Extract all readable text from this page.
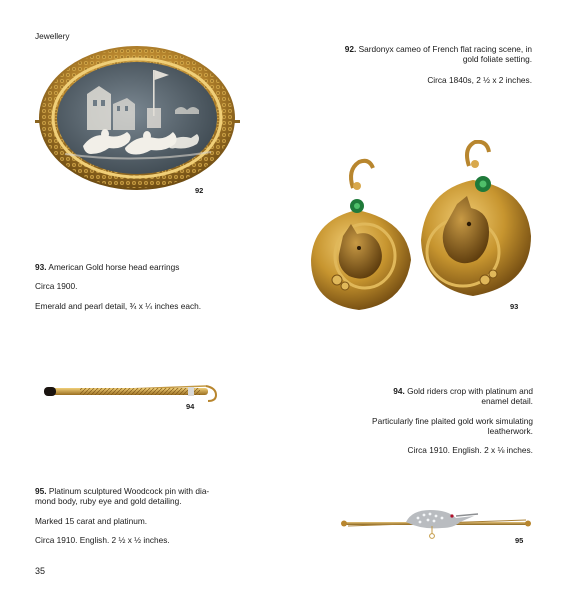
Jewellery
92

92. Sardonyx cameo of French flat racing scene, in

gold foliate setting.

Circa 1840s, 2 ½ x 2 inches.

93

93. American Gold horse head earrings

Circa 1900.

Emerald and pearl detail, ¾ x ¼ inches each.

94

94. Gold riders crop with platinum and

enamel detail.

Particularly fine plaited gold work simulating

leatherwork.

Circa 1910. English. 2 x ⅛ inches.

95. Platinum sculptured Woodcock pin with dia-

mond body, ruby eye and gold detailing.

Marked 15 carat and platinum.

Circa 1910. English. 2 ½ x ½ inches.	95
35
